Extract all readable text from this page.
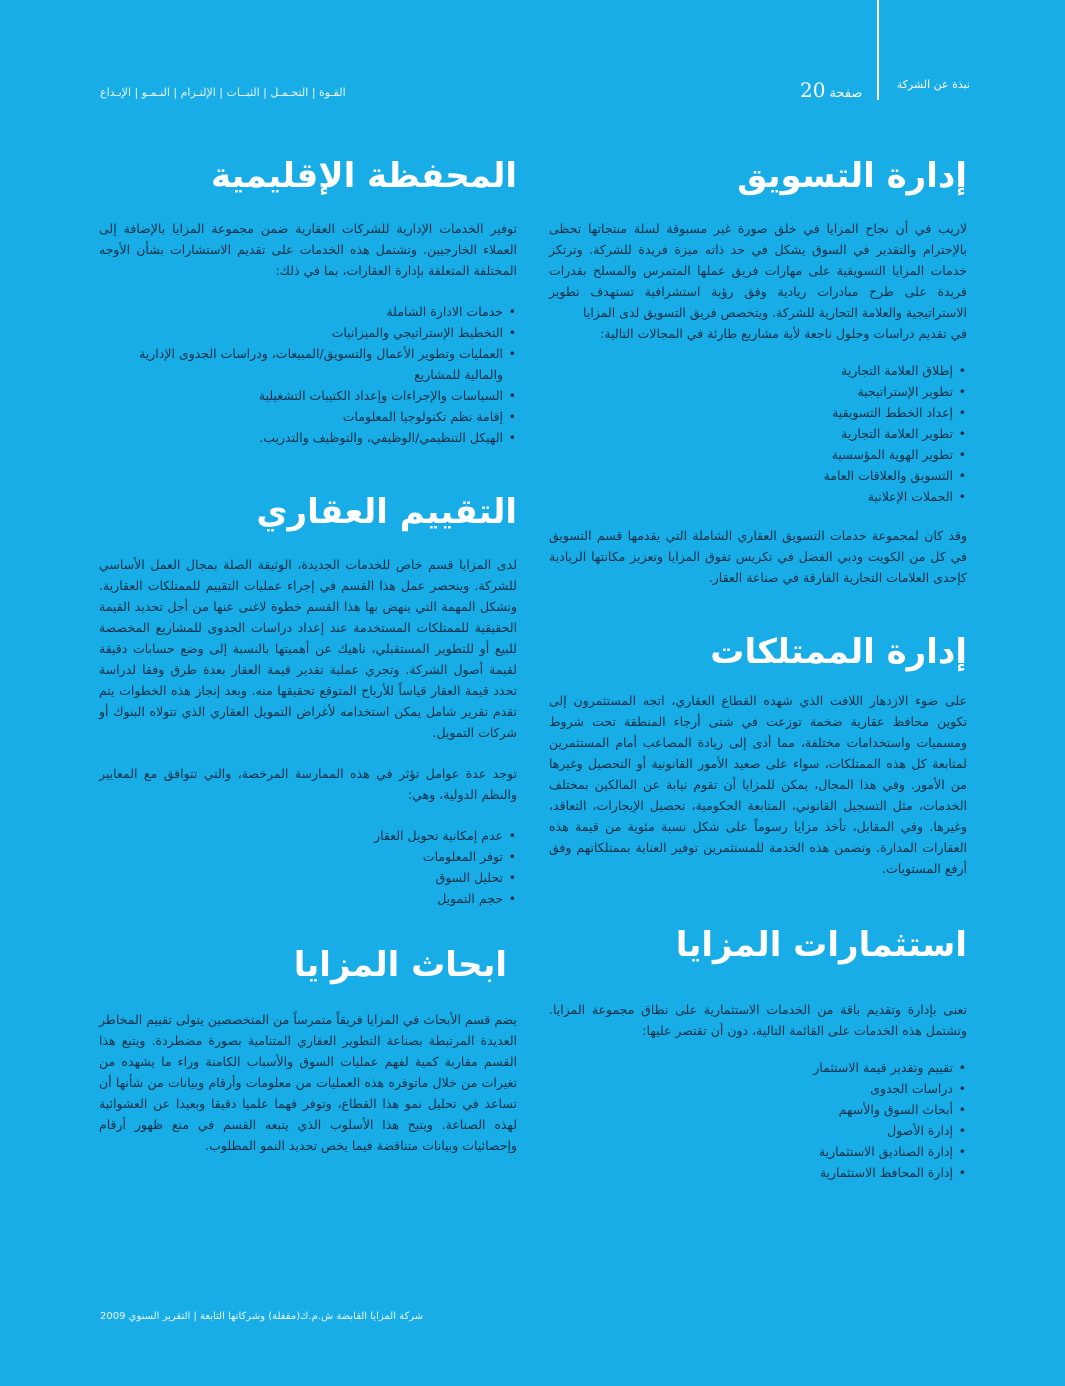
نبذة عن الشركة
صفحة
20
القـوة | التحـمـل | الثبــات | الإلتـزام | النـمـو | الإبـداع
إدارة التسويق

لاريب في أن نجاح المزايا في خلق صورة غير مسبوقة لسلة منتجاتها تحظى بالإحترام والتقدير في السوق يشكل في حد ذاته ميزة فريدة للشركة. وترتكز خدمات المزايا التسويقية على مهارات فريق عملها المتمرس والمسلح بقدرات فريدة على طرح مبادرات ريادية وفق رؤية استشرافية تستهدف تطوير الاستراتيجية والعلامة التجارية للشركة. ويتخصص فريق التسويق لدى المزايا

في تقديم دراسات وحلول ناجعة لأية مشاريع طارئة في المجالات التالية:

• إطلاق العلامة التجارية
• تطوير الإستراتيجية
• إعداد الخطط التسويقية
• تطوير العلامة التجارية
• تطوير الهوية المؤسسية
• التسويق والعلاقات العامة
• الحملات الإعلانية

وقد كان لمجموعة خدمات التسويق العقاري الشاملة التي يقدمها قسم التسويق في كل من الكويت ودبي الفضل في تكريس تفوق المزايا وتعزيز مكانتها الريادية كإحدى العلامات التجارية الفارقة في صناعة العقار.

إدارة الممتلكات

على ضوء الازدهار اللافت الذي شهده القطاع العقاري، اتجه المستثمرون إلى تكوين محافظ عقارية ضخمة توزعت في شتى أرجاء المنطقة تحت شروط ومسميات واستخدامات مختلفة، مما أدى إلى زيادة المصاعب أمام المستثمرين لمتابعة كل هذه الممتلكات، سواء على صعيد الأمور القانونية أو التحصيل وغيرها من الأمور. وفي هذا المجال، يمكن للمزايا أن تقوم نيابة عن المالكين بمختلف الخدمات، مثل التسجيل القانوني، المتابعة الحكومية، تحصيل الإيجارات، التعاقد، وغيرها. وفي المقابل، تأخذ مزايا رسوماً على شكل نسبة مئوية من قيمة هذه العقارات المدارة. وتضمن هذه الخدمة للمستثمرين توفير العناية بممتلكاتهم وفق أرفع المستويات.

استثمارات المزايا

تعنى بإدارة وتقديم باقة من الخدمات الاستثمارية على نطاق مجموعة المزايا. وتشتمل هذه الخدمات على القائمة التالية، دون أن تقتصر عليها:

• تقييم وتقدير قيمة الاستثمار
• دراسات الجدوى
• أبحاث السوق والأسهم
• إدارة الأصول
• إدارة الصناديق الاستثمارية
• إدارة المحافظ الاستثمارية
المحفظة الإقليمية

توفير الخدمات الإدارية للشركات العقارية ضمن مجموعة المزايا بالإضافة إلى العملاء الخارجيين. وتشتمل هذه الخدمات على تقديم الاستشارات بشأن الأوجه المختلفة المتعلقة بإدارة العقارات، بما في ذلك:

• خدمات الادارة الشاملة
• التخطيط الإستراتيجي والميزانيات
• العمليات وتطوير الأعمال والتسويق/المبيعات، ودراسات الجدوى الإدارية والمالية للمشاريع
• السياسات والإجراءات وإعداد الكتيبات التشغيلية
• إقامة نظم تكنولوجيا المعلومات
• الهيكل التنظيمي/الوظيفي، والتوظيف والتدريب.
التقييم العقاري

لدى المزايا قسم خاص للخدمات الجديدة، الوثيقة الصلة بمجال العمل الأساسي للشركة. وينحصر عمل هذا القسم في إجراء عمليات التقييم للممتلكات العقارية. وتشكل المهمة التي ينهض بها هذا القسم خطوة لاغنى عنها من أجل تحديد القيمة الحقيقية للممتلكات المستخدمة عند إعداد دراسات الجدوى للمشاريع المخصصة للبيع أو للتطوير المستقبلي، ناهيك عن أهميتها بالنسبة إلى وضع حسابات دقيقة لقيمة أصول الشركة. وتجري عملية تقدير قيمة العقار بعدة طرق وفقا لدراسة تحدد قيمة العقار قياساً للأرباح المتوقع تحقيقها منه. وبعد إنجاز هذه الخطوات يتم تقدم تقرير شامل يمكن استخدامه لأغراض التمويل العقاري الذي تتولاه البنوك أو شركات التمويل.

توجد عدة عوامل تؤثر في هذه الممارسة المرخصة، والتي تتوافق مع المعايير والنظم الدولية، وهي:

• عدم إمكانية تحويل العقار
• توفر المعلومات
• تحليل السوق
• حجم التمويل
ابحاث المزايا

يضم قسم الأبحاث في المزايا فريقاً متمرساً من المتخصصين يتولى تقييم المخاطر العديدة المرتبطة بصناعة التطوير العقاري المتنامية بصورة مضطردة. ويتبع هذا القسم مقاربة كمية لفهم عمليات السوق والأسباب الكامنة وراء ما يشهده من تغيرات من خلال ماتوفره هذه العمليات من معلومات وأرقام وبيانات من شأنها أن تساعد في تحليل نمو هذا القطاع، وتوفر فهما علميا دقيقا وبعيدا عن العشوائية لهذه الصناعة. ويتيح هذا الأسلوب الذي يتبعه القسم في منع ظهور أرقام وإحصائيات وبيانات متناقضة فيما يخص تحديد النمو المطلوب.

شركة المزايا القابضة ش.م.ك(مقفلة) وشركاتها التابعة | التقرير السنوي 2009
